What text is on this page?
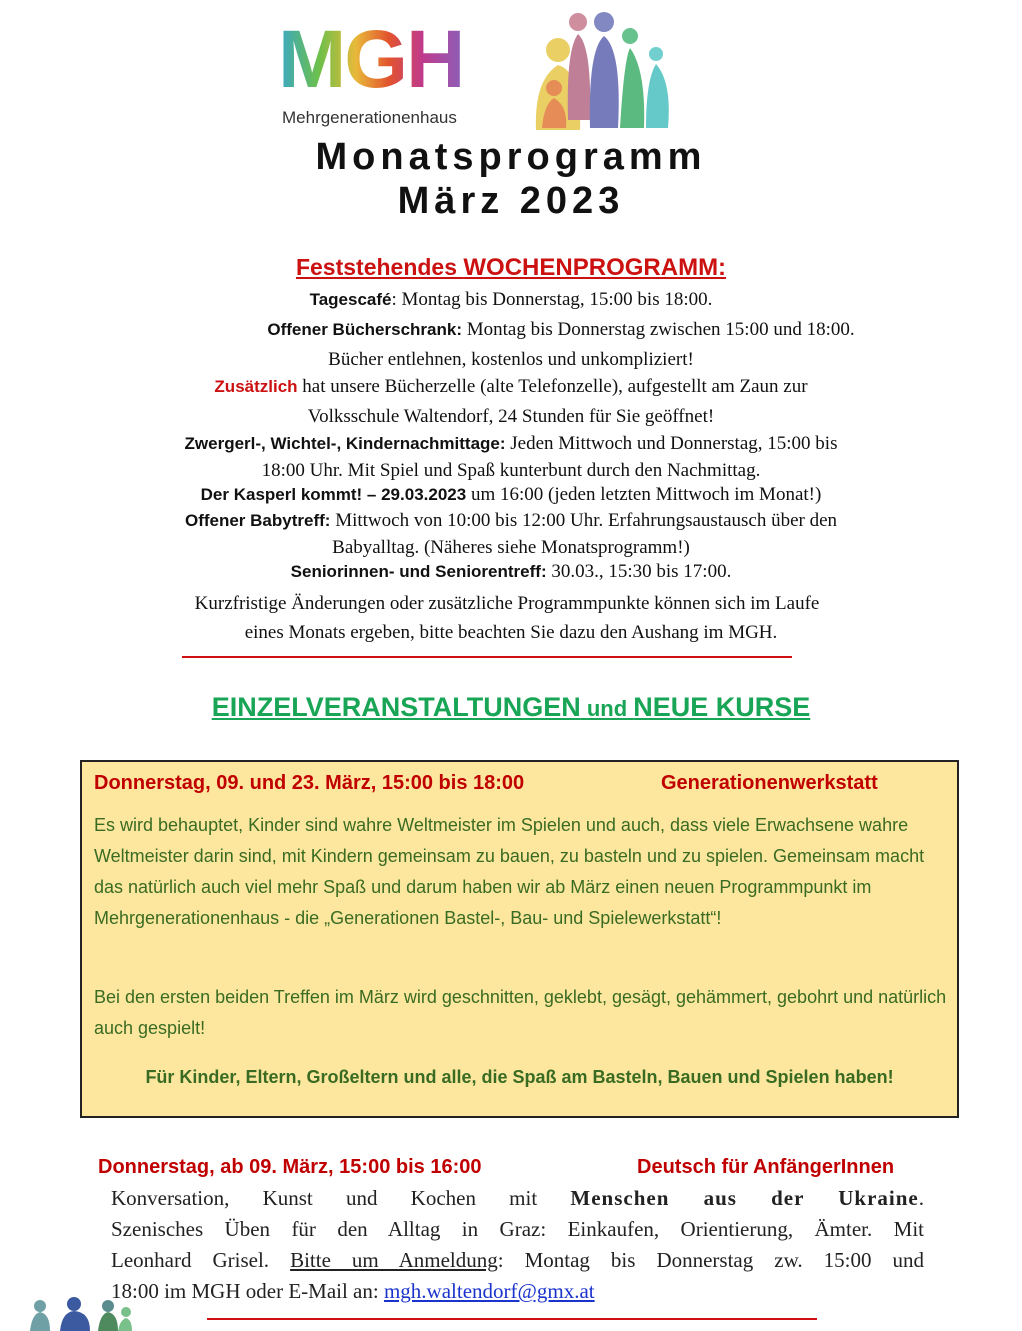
MGH
Mehrgenerationenhaus
Monatsprogramm
März 2023
Feststehendes WOCHENPROGRAMM:
Tagescafé: Montag bis Donnerstag, 15:00 bis 18:00.
Offener Bücherschrank: Montag bis Donnerstag zwischen 15:00 und 18:00.
Bücher entlehnen, kostenlos und unkompliziert!
Zusätzlich hat unsere Bücherzelle (alte Telefonzelle), aufgestellt am Zaun zur
Volksschule Waltendorf, 24 Stunden für Sie geöffnet!
Zwergerl-, Wichtel-, Kindernachmittage: Jeden Mittwoch und Donnerstag, 15:00 bis
18:00 Uhr. Mit Spiel und Spaß kunterbunt durch den Nachmittag.
Der Kasperl kommt! – 29.03.2023 um 16:00 (jeden letzten Mittwoch im Monat!)
Offener Babytreff: Mittwoch von 10:00 bis 12:00 Uhr. Erfahrungsaustausch über den
Babyalltag. (Näheres siehe Monatsprogramm!)
Seniorinnen- und Seniorentreff: 30.03., 15:30 bis 17:00.
Kurzfristige Änderungen oder zusätzliche Programmpunkte können sich im Laufe
eines Monats ergeben, bitte beachten Sie dazu den Aushang im MGH.
EINZELVERANSTALTUNGEN und NEUE KURSE
Donnerstag, 09. und 23. März, 15:00 bis 18:00	Generationenwerkstatt
Es wird behauptet, Kinder sind wahre Weltmeister im Spielen und auch, dass viele Erwachsene wahre Weltmeister darin sind, mit Kindern gemeinsam zu bauen, zu basteln und zu spielen. Gemeinsam macht das natürlich auch viel mehr Spaß und darum haben wir ab März einen neuen Programmpunkt im Mehrgenerationenhaus - die „Generationen Bastel-, Bau- und Spielewerkstatt“!
Bei den ersten beiden Treffen im März wird geschnitten, geklebt, gesägt, gehämmert, gebohrt und natürlich auch gespielt!
Für Kinder, Eltern, Großeltern und alle, die Spaß am Basteln, Bauen und Spielen haben!
Donnerstag, ab 09. März, 15:00 bis 16:00	Deutsch für AnfängerInnen
Konversation, Kunst und Kochen mit Menschen aus der Ukraine.
Szenisches Üben für den Alltag in Graz: Einkaufen, Orientierung, Ämter. Mit
Leonhard Grisel. Bitte um Anmeldung: Montag bis Donnerstag zw. 15:00 und
18:00 im MGH oder E-Mail an: mgh.waltendorf@gmx.at
